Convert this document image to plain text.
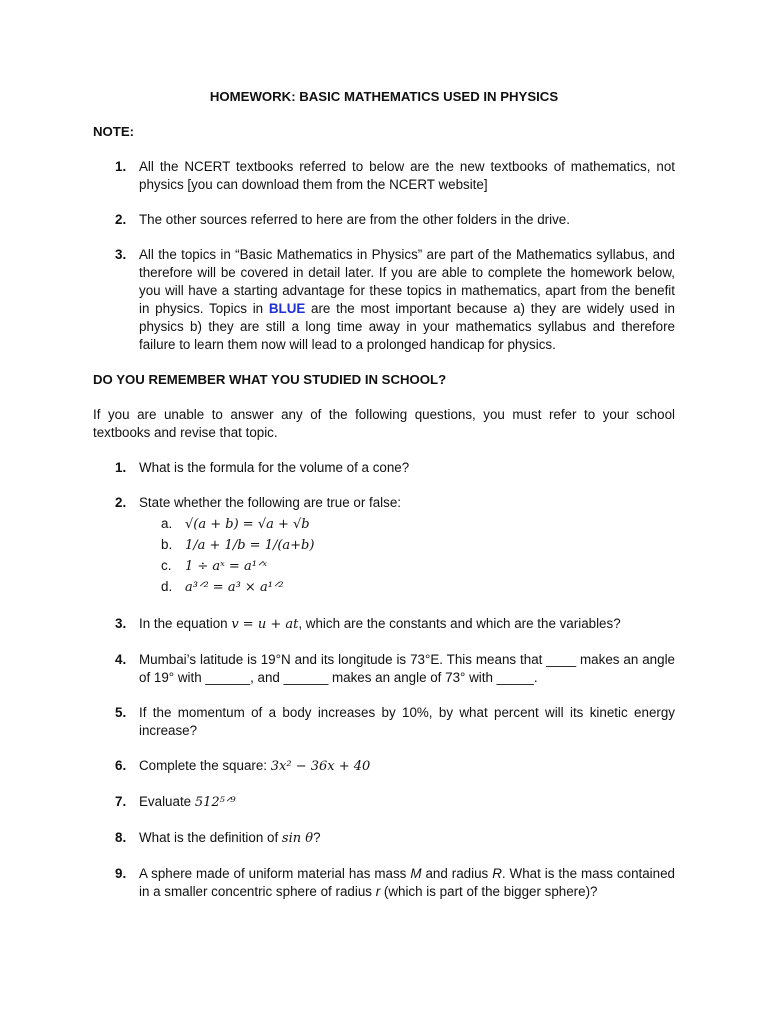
HOMEWORK: BASIC MATHEMATICS USED IN PHYSICS
NOTE:
1. All the NCERT textbooks referred to below are the new textbooks of mathematics, not physics [you can download them from the NCERT website]
2. The other sources referred to here are from the other folders in the drive.
3. All the topics in “Basic Mathematics in Physics” are part of the Mathematics syllabus, and therefore will be covered in detail later. If you are able to complete the homework below, you will have a starting advantage for these topics in mathematics, apart from the benefit in physics. Topics in BLUE are the most important because a) they are widely used in physics b) they are still a long time away in your mathematics syllabus and therefore failure to learn them now will lead to a prolonged handicap for physics.
DO YOU REMEMBER WHAT YOU STUDIED IN SCHOOL?
If you are unable to answer any of the following questions, you must refer to your school textbooks and revise that topic.
1. What is the formula for the volume of a cone?
2. State whether the following are true or false:
a. √(a + b) = √a + √b
b. 1/a + 1/b = 1/(a+b)
c. 1 ÷ aˣ = a¹ᐟˣ
d. a³ᐟ² = a³ × a¹ᐟ²
3. In the equation v = u + at, which are the constants and which are the variables?
4. Mumbai’s latitude is 19°N and its longitude is 73°E. This means that ____ makes an angle of 19° with ______, and ______ makes an angle of 73° with _____.
5. If the momentum of a body increases by 10%, by what percent will its kinetic energy increase?
6. Complete the square: 3x² − 36x + 40
7. Evaluate 512⁵ᐟ⁹
8. What is the definition of sin θ?
9. A sphere made of uniform material has mass M and radius R. What is the mass contained in a smaller concentric sphere of radius r (which is part of the bigger sphere)?
